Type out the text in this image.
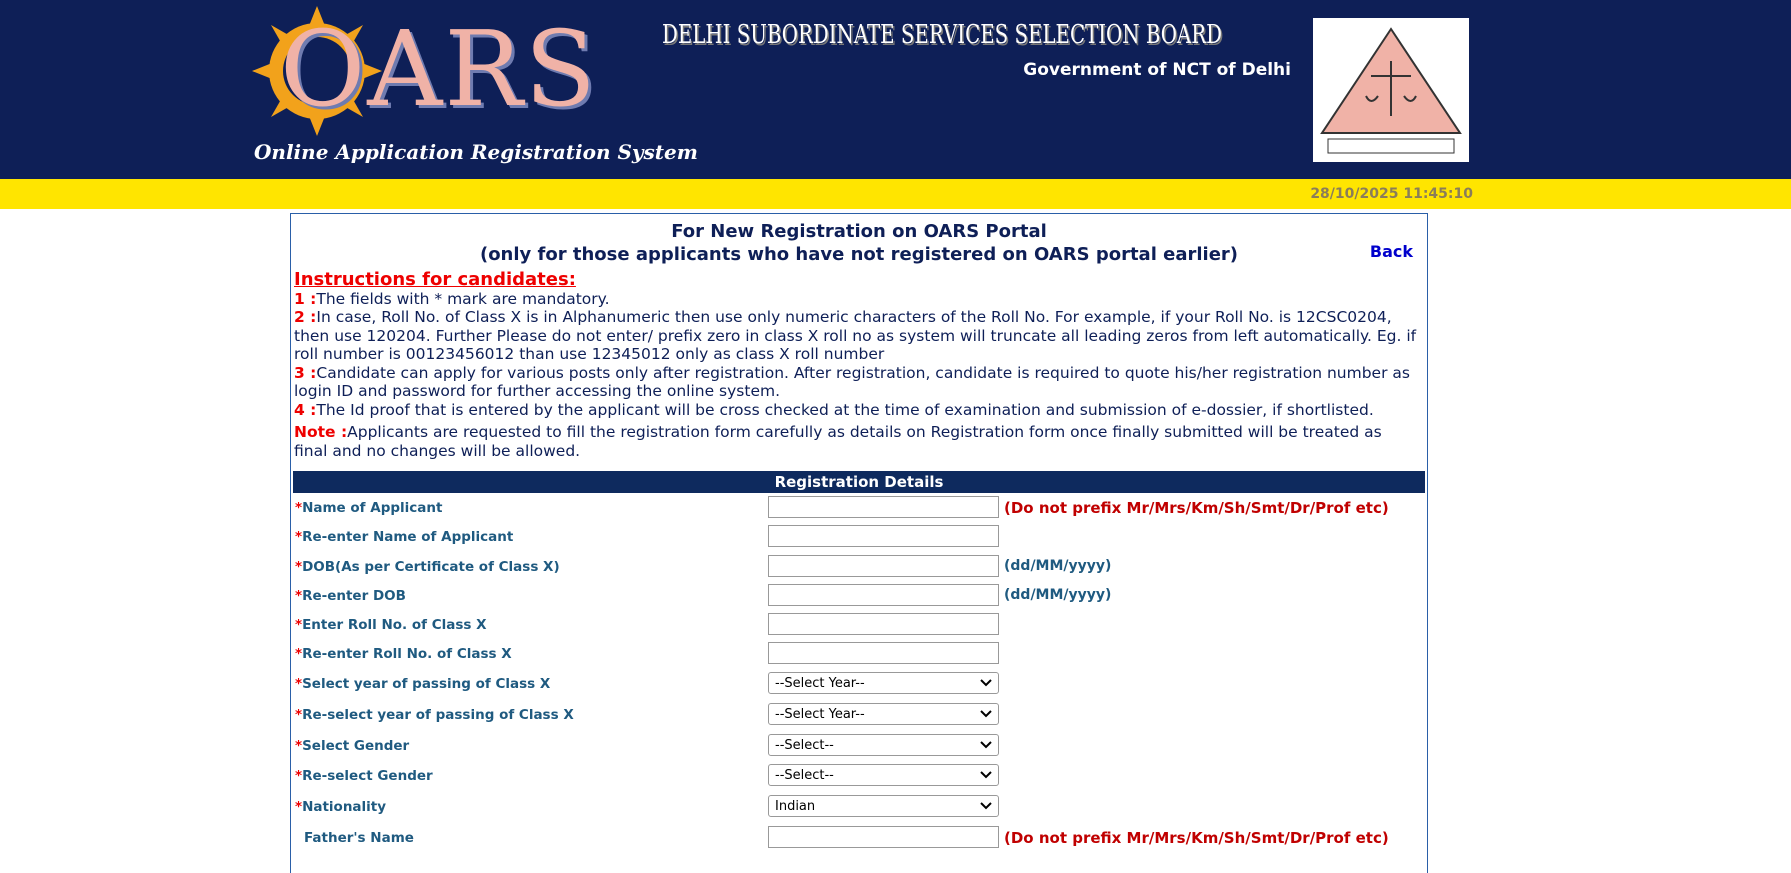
OARS
Online Application Registration System
DELHI SUBORDINATE SERVICES SELECTION BOARD
Government of NCT of Delhi
28/10/2025 11:45:10
For New Registration on OARS Portal
(only for those applicants who have not registered on OARS portal earlier)	Back
Instructions for candidates:

1 :The fields with * mark are mandatory.

2 :In case, Roll No. of Class X is in Alphanumeric then use only numeric characters of the Roll No. For example, if your Roll No. is 12CSC0204, then use 120204. Further Please do not enter/ prefix zero in class X roll no as system will truncate all leading zeros from left automatically. Eg. if roll number is 00123456012 than use 12345012 only as class X roll number

3 :Candidate can apply for various posts only after registration. After registration, candidate is required to quote his/her registration number as login ID and password for further accessing the online system.

4 :The Id proof that is entered by the applicant will be cross checked at the time of examination and submission of e-dossier, if shortlisted.

Note :Applicants are requested to fill the registration form carefully as details on Registration form once finally submitted will be treated as final and no changes will be allowed.

Registration Details
*Name of Applicant	(Do not prefix Mr/Mrs/Km/Sh/Smt/Dr/Prof etc)
*Re-enter Name of Applicant
*DOB(As per Certificate of Class X)	(dd/MM/yyyy)
*Re-enter DOB	(dd/MM/yyyy)
*Enter Roll No. of Class X
*Re-enter Roll No. of Class X
*Select year of passing of Class X	--Select Year--
*Re-select year of passing of Class X	--Select Year--
*Select Gender	--Select--
*Re-select Gender	--Select--
*Nationality	Indian
Father's Name	(Do not prefix Mr/Mrs/Km/Sh/Smt/Dr/Prof etc)
